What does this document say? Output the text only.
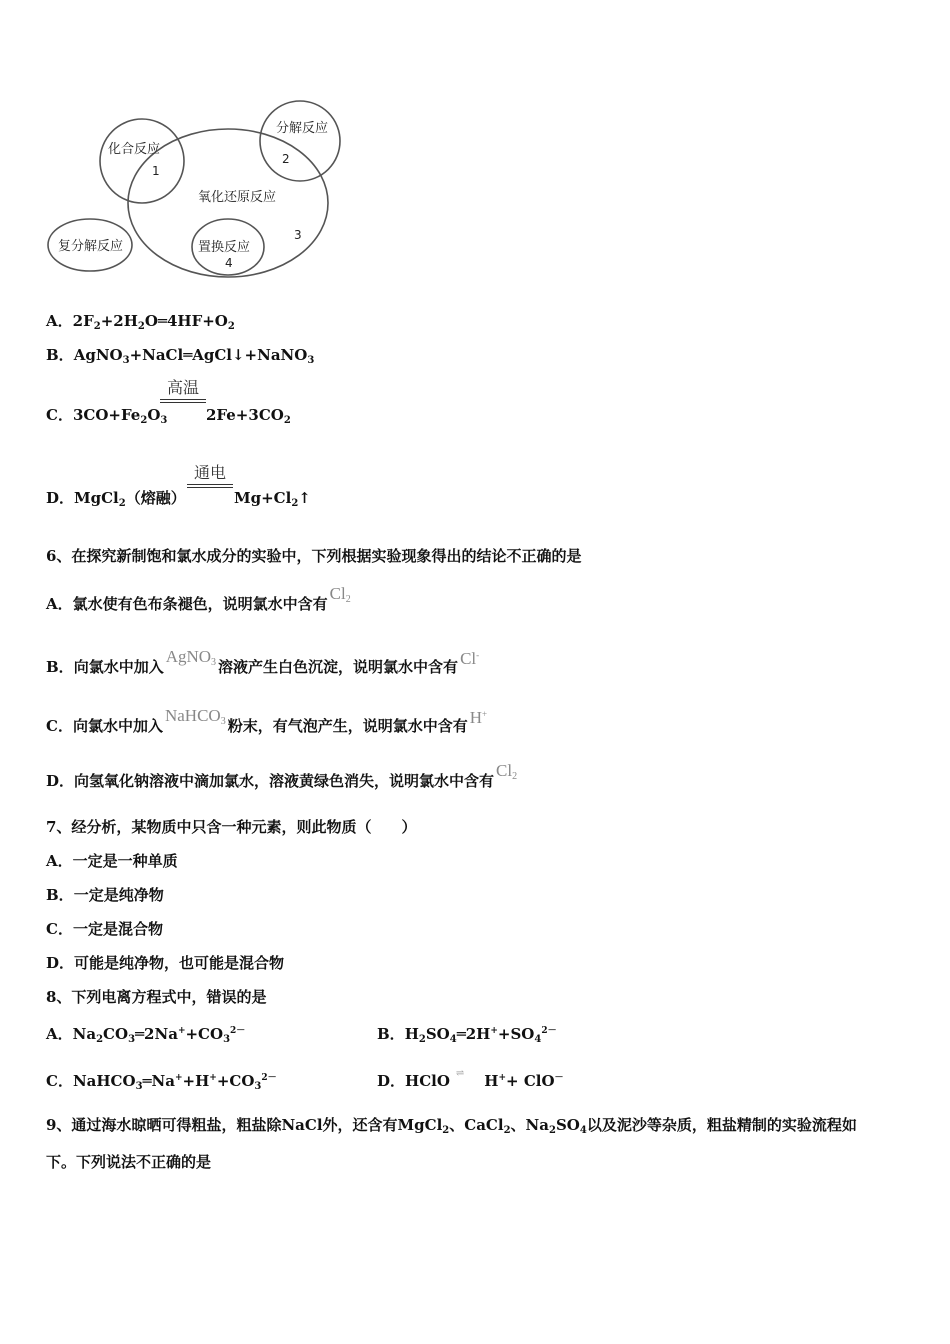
化合反应
1
分解反应
2
氧化还原反应
3
复分解反应	置换反应
4
A．$2F_2+2H_2O═4HF+O_2$
B．AgNO$_3$+NaCl═AgCl↓+NaNO$_3$
C．$3CO+Fe_2O_3$
高温
$2Fe+3CO_2$
D．MgCl$_2$（熔融）
通电
$Mg+Cl_2↑$
6、在探究新制饱和氯水成分的实验中，下列根据实验现象得出的结论不正确的是
A．氯水使有色布条褪色，说明氯水中含有$Cl_2$
B．向氯水中加入AgNO$_3$ 溶液产生白色沉淀，说明氯水中含有 Cl-
C．向氯水中加入NaHCO$_3$ 粉末，有气泡产生，说明氯水中含有 H+
D．向氢氧化钠溶液中滴加氯水，溶液黄绿色消失，说明氯水中含有$Cl_2$
7、经分析，某物质中只含一种元素，则此物质（　　）
A．一定是一种单质
B．一定是纯净物
C．一定是混合物
D．可能是纯净物，也可能是混合物
8、下列电离方程式中，错误的是
A．$Na_2CO_3═2Na^++CO_3^{2-}$	B．$H_2SO_4═2H^++SO_4^{2-}$
C．$NaHCO_3═Na^++H^++CO_3^{2-}$	D．HClO ⇌ H++ ClO－
9、通过海水晾晒可得粗盐，粗盐除NaCl外，还含有MgCl$_2$、CaCl$_2$、$Na_2SO_4$以及泥沙等杂质，粗盐精制的实验流程如
下。下列说法不正确的是
